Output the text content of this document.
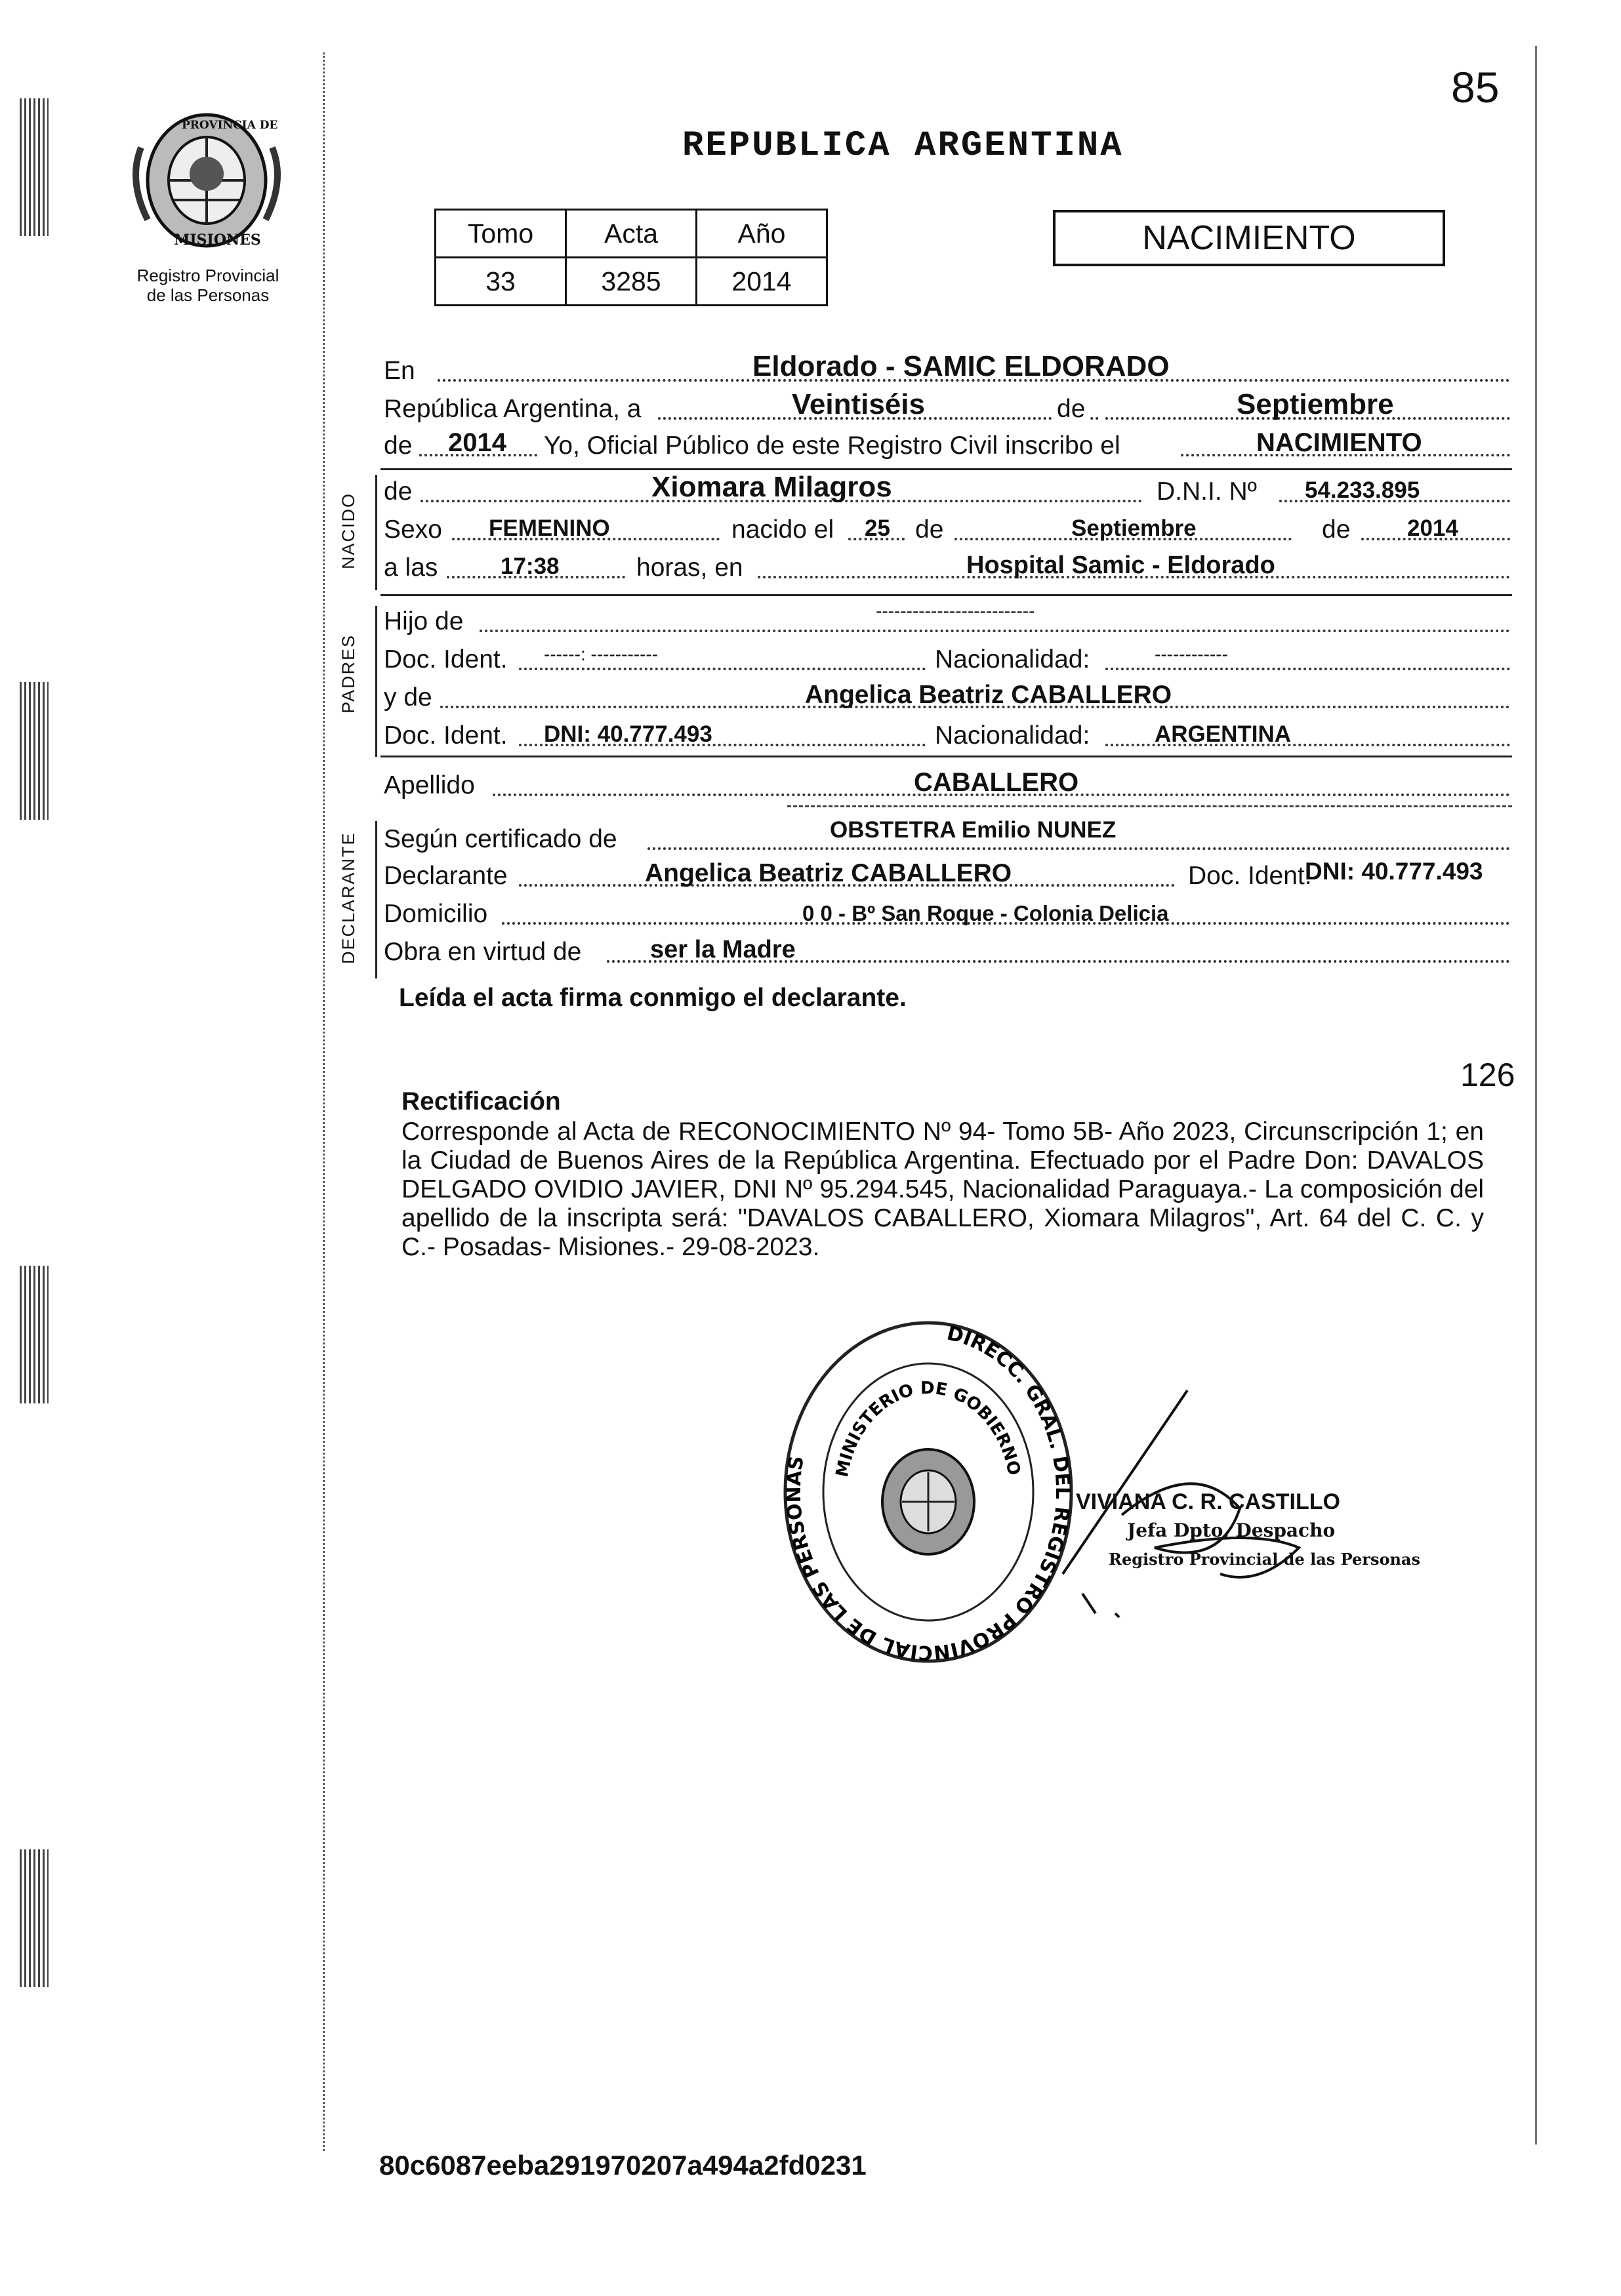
85
PROVINCIA DE
MISIONES
Registro Provincial
de las Personas
REPUBLICA ARGENTINA
Tomo	Acta	Año
33	3285	2014
NACIMIENTO
En	Eldorado - SAMIC ELDORADO
República Argentina, a	Veintiséis	de	Septiembre
de 2014 Yo, Oficial Público de este Registro Civil inscribo el	NACIMIENTO
NACIDO
de	Xiomara Milagros	D.N.I. Nº 54.233.895
Sexo FEMENINO	nacido el 25 de	Septiembre	de 2014
a las	17:38	horas, en	Hospital Samic - Eldorado
PADRES
Hijo de	--------------------------
Doc. Ident. ------: -----------	Nacionalidad:	------------
y de	Angelica Beatriz CABALLERO
Doc. Ident. DNI: 40.777.493	Nacionalidad:	ARGENTINA
Apellido	CABALLERO
DECLARANTE Según certificado de	OBSTETRA Emilio NUNEZ
Declarante	Angelica Beatriz CABALLERO	Doc. Ident.
DNI: 40.777.493
Domicilio	0 0 - Bº San Roque - Colonia Delicia
Obra en virtud de	ser la Madre
Leída el acta firma conmigo el declarante.
126
Rectificación
Corresponde al Acta de RECONOCIMIENTO Nº 94- Tomo 5B- Año 2023, Circunscripción 1; en la Ciudad de Buenos Aires de la República Argentina. Efectuado por el Padre Don: DAVALOS DELGADO OVIDIO JAVIER, DNI Nº 95.294.545, Nacionalidad Paraguaya.- La composición del apellido de la inscripta será: "DAVALOS CABALLERO, Xiomara Milagros", Art. 64 del C. C. y C.- Posadas- Misiones.- 29-08-2023.
DIRECC. GRAL. DEL REGISTRO PROVINCIAL DE LAS PERSONAS	MINISTERIO DE GOBIERNO
VIVIANA C. R. CASTILLO
Jefa Dpto. Despacho
Registro Provincial de las Personas
80c6087eeba291970207a494a2fd0231
